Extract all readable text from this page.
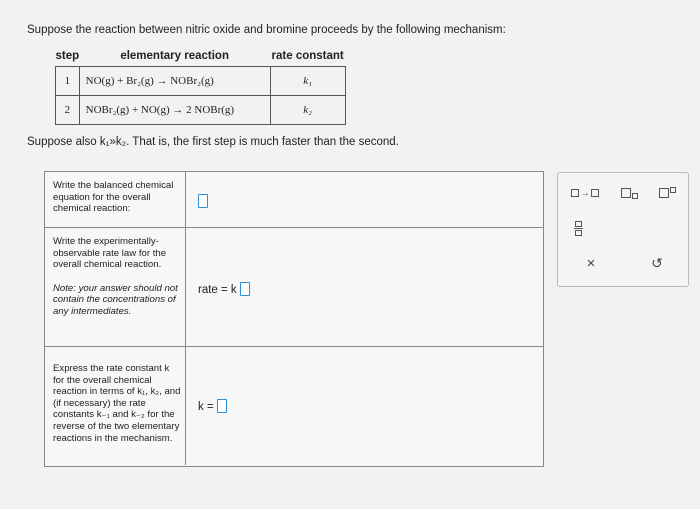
Suppose the reaction between nitric oxide and bromine proceeds by the following mechanism:
step	elementary reaction	rate constant
1	NO(g) + Br₂(g) → NOBr₂(g)	k₁
2	NOBr₂(g) + NO(g) → 2 NOBr(g)	k₂
Suppose also k₁»k₂. That is, the first step is much faster than the second.
Write the balanced chemical equation for the overall chemical reaction:
Write the experimentally-observable rate law for the overall chemical reaction.
Note: your answer should not contain the concentrations of any intermediates.
rate = k
Express the rate constant k for the overall chemical reaction in terms of k₁, k₂, and (if necessary) the rate constants k₋₁ and k₋₂ for the reverse of the two elementary reactions in the mechanism.
k =
→
×	↺
